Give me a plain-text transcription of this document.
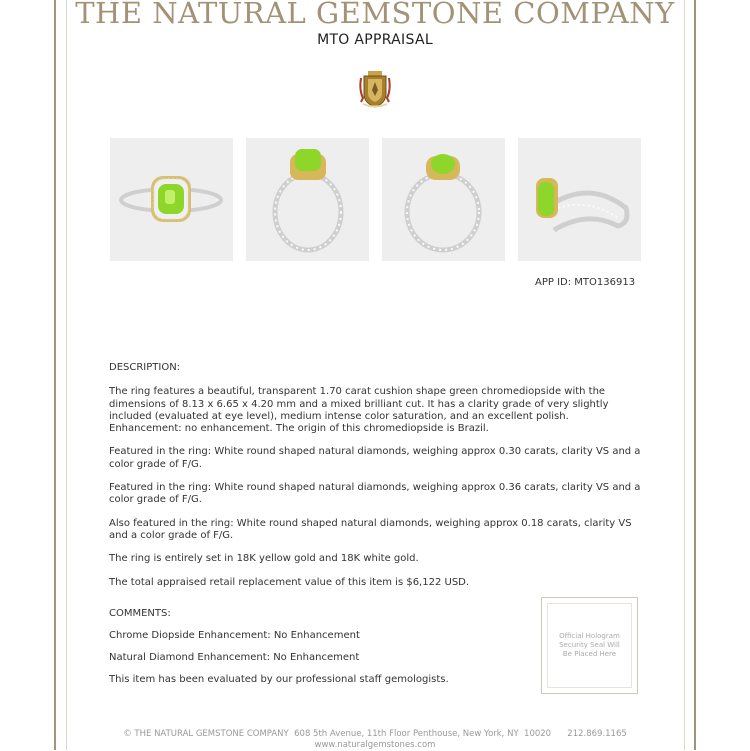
THE NATURAL GEMSTONE COMPANY
MTO APPRAISAL
APP ID: MTO136913

DESCRIPTION:

The ring features a beautiful, transparent 1.70 carat cushion shape green chromediopside with the dimensions of 8.13 x 6.65 x 4.20 mm and a mixed brilliant cut. It has a clarity grade of very slightly included (evaluated at eye level), medium intense color saturation, and an excellent polish. Enhancement: no enhancement. The origin of this chromediopside is Brazil.

Featured in the ring: White round shaped natural diamonds, weighing approx 0.30 carats, clarity VS and a color grade of F/G.

Featured in the ring: White round shaped natural diamonds, weighing approx 0.36 carats, clarity VS and a color grade of F/G.

Also featured in the ring: White round shaped natural diamonds, weighing approx 0.18 carats, clarity VS and a color grade of F/G.

The ring is entirely set in 18K yellow gold and 18K white gold.

The total appraised retail replacement value of this item is $6,122 USD.

COMMENTS:

Chrome Diopside Enhancement: No Enhancement

Natural Diamond Enhancement: No Enhancement

This item has been evaluated by our professional staff gemologists.

Official Hologram
Security Seal Will
Be Placed Here
© THE NATURAL GEMSTONE COMPANY  608 5th Avenue, 11th Floor Penthouse, New York, NY  10020      212.869.1165
www.naturalgemstones.com
